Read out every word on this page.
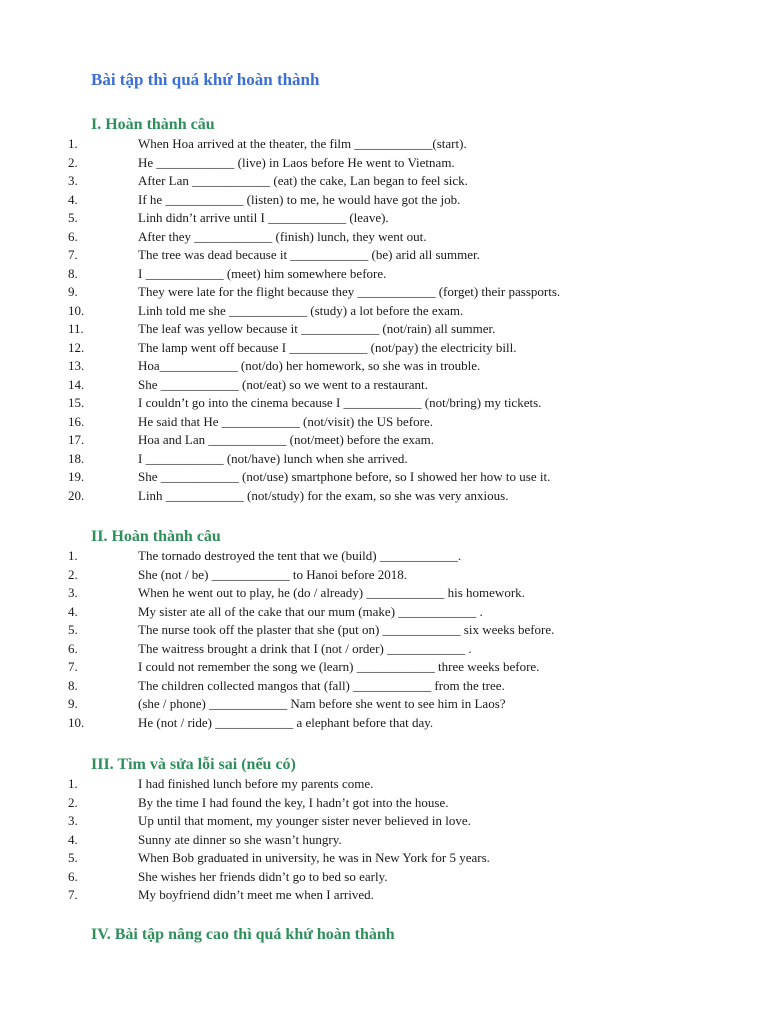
Bài tập thì quá khứ hoàn thành
I. Hoàn thành câu
1.	When Hoa arrived at the theater, the film ____________(start).
2.	He ____________ (live) in Laos before He went to Vietnam.
3.	After Lan ____________ (eat) the cake, Lan began to feel sick.
4.	If he ____________ (listen) to me, he would have got the job.
5.	Linh didn’t arrive until I ____________ (leave).
6.	After they ____________ (finish) lunch, they went out.
7.	The tree was dead because it ____________ (be) arid all summer.
8.	I ____________ (meet) him somewhere before.
9.	They were late for the flight because they ____________ (forget) their passports.
10.	Linh told me she ____________ (study) a lot before the exam.
11.	The leaf was yellow because it ____________ (not/rain) all summer.
12.	The lamp went off because I ____________ (not/pay) the electricity bill.
13.	Hoa____________ (not/do) her homework, so she was in trouble.
14.	She ____________ (not/eat) so we went to a restaurant.
15.	I couldn’t go into the cinema because I ____________ (not/bring) my tickets.
16.	He said that He ____________ (not/visit) the US before.
17.	Hoa and Lan ____________ (not/meet) before the exam.
18.	I ____________ (not/have) lunch when she arrived.
19.	She ____________ (not/use) smartphone before, so I showed her how to use it.
20.	Linh ____________ (not/study) for the exam, so she was very anxious.
II. Hoàn thành câu
1.	The tornado destroyed the tent that we (build) ____________.
2.	She (not / be) ____________ to Hanoi before 2018.
3.	When he went out to play, he (do / already) ____________ his homework.
4.	My sister ate all of the cake that our mum (make) ____________ .
5.	The nurse took off the plaster that she (put on) ____________ six weeks before.
6.	The waitress brought a drink that I (not / order) ____________ .
7.	I could not remember the song we (learn) ____________ three weeks before.
8.	The children collected mangos that (fall) ____________ from the tree.
9.	(she / phone) ____________ Nam before she went to see him in Laos?
10.	He (not / ride) ____________ a elephant before that day.
III. Tìm và sửa lỗi sai (nếu có)
1.	I had finished lunch before my parents come.
2.	By the time I had found the key, I hadn’t got into the house.
3.	Up until that moment, my younger sister never believed in love.
4.	Sunny ate dinner so she wasn’t hungry.
5.	When Bob graduated in university, he was in New York for 5 years.
6.	She wishes her friends didn’t go to bed so early.
7.	My boyfriend didn’t meet me when I arrived.
IV. Bài tập nâng cao thì quá khứ hoàn thành
